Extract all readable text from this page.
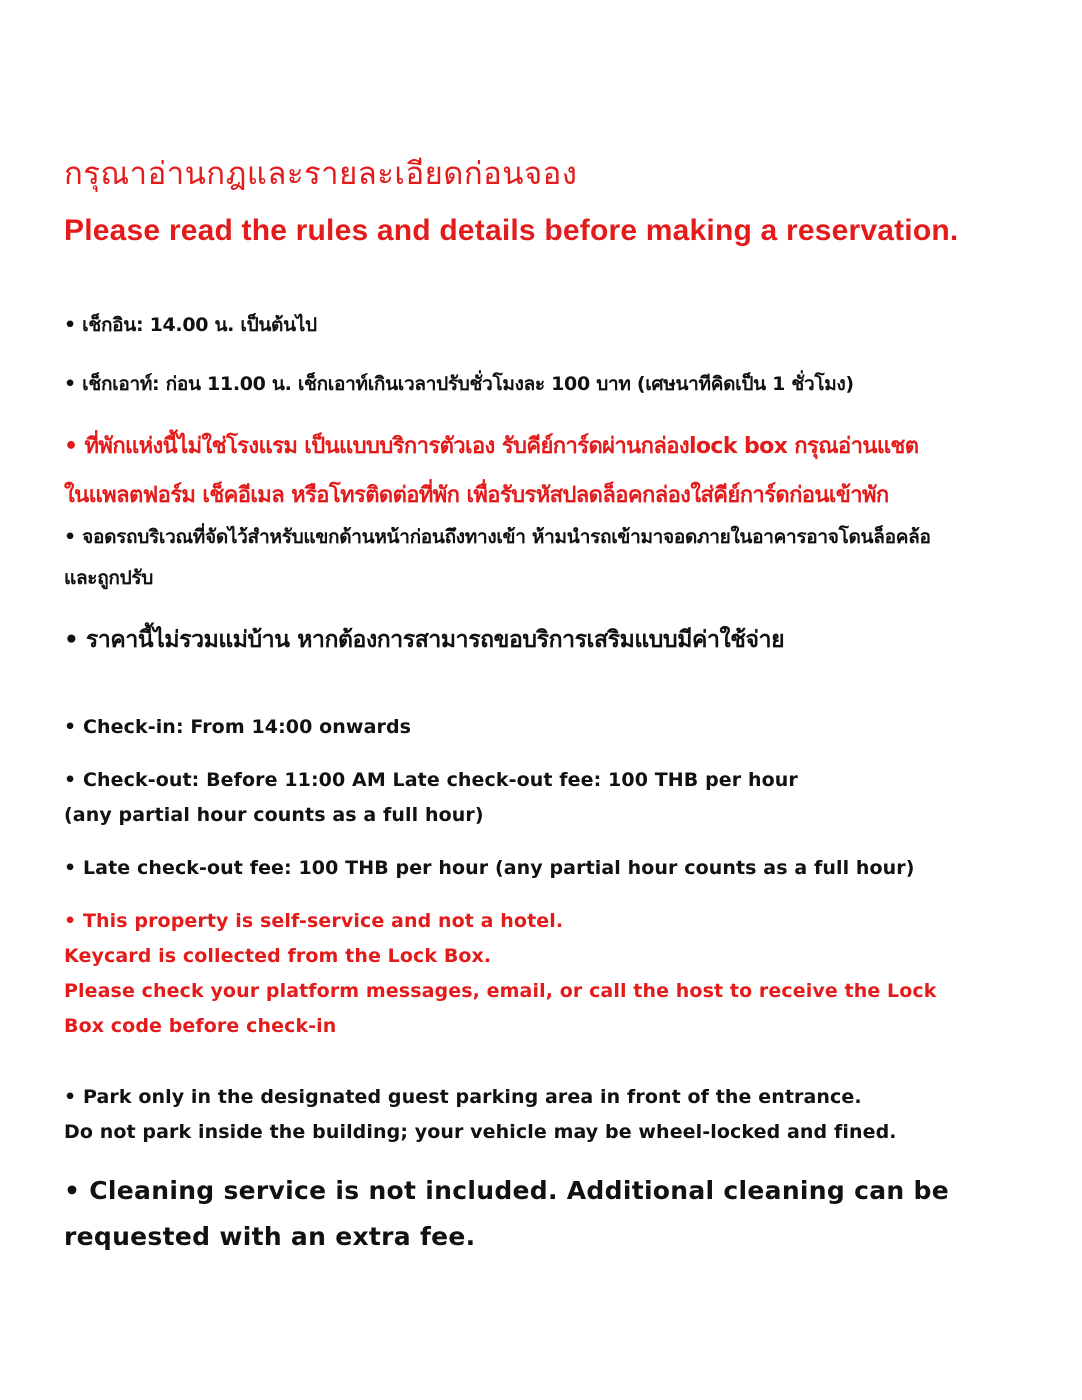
กรุณาอ่านกฎและรายละเอียดก่อนจอง
Please read the rules and details before making a reservation.
• เช็กอิน: 14.00 น. เป็นต้นไป
• เช็กเอาท์: ก่อน 11.00 น. เช็กเอาท์เกินเวลาปรับชั่วโมงละ 100 บาท (เศษนาทีคิดเป็น 1 ชั่วโมง)
• ที่พักแห่งนี้ไม่ใช่โรงแรม เป็นแบบบริการตัวเอง รับคีย์การ์ดผ่านกล่องlock box กรุณอ่านแชต
ในแพลตฟอร์ม เช็คอีเมล หรือโทรติดต่อที่พัก เพื่อรับรหัสปลดล็อคกล่องใส่คีย์การ์ดก่อนเข้าพัก
• จอดรถบริเวณที่จัดไว้สำหรับแขกด้านหน้าก่อนถึงทางเข้า ห้ามนำรถเข้ามาจอดภายในอาคารอาจโดนล็อคล้อ
และถูกปรับ
• ราคานี้ไม่รวมแม่บ้าน หากต้องการสามารถขอบริการเสริมแบบมีค่าใช้จ่าย
• Check-in: From 14:00 onwards
• Check-out: Before 11:00 AM Late check-out fee: 100 THB per hour
(any partial hour counts as a full hour)
• Late check-out fee: 100 THB per hour (any partial hour counts as a full hour)
• This property is self-service and not a hotel.
Keycard is collected from the Lock Box.
Please check your platform messages, email, or call the host to receive the Lock
Box code before check-in
• Park only in the designated guest parking area in front of the entrance.
Do not park inside the building; your vehicle may be wheel-locked and fined.
• Cleaning service is not included. Additional cleaning can be
requested with an extra fee.
